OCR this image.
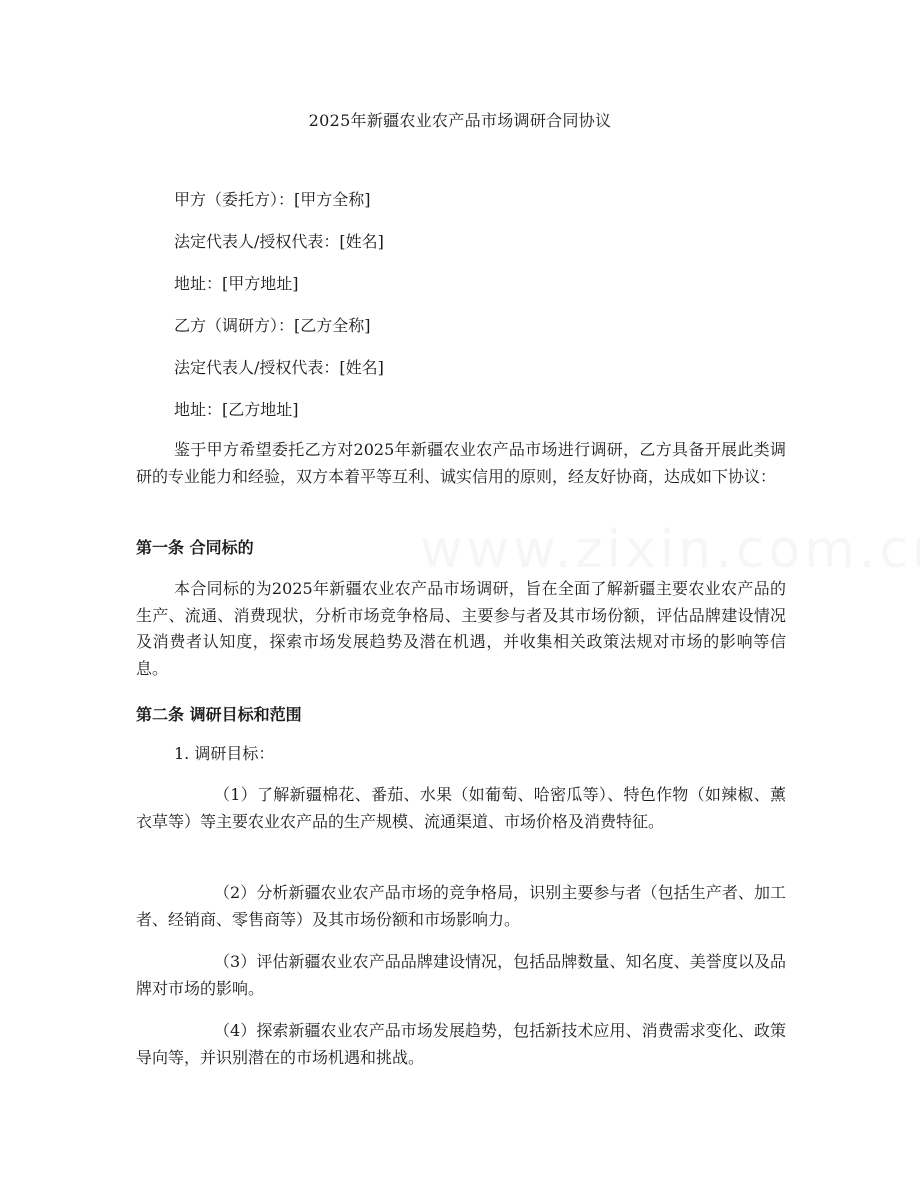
2025年新疆农业农产品市场调研合同协议
甲方（委托方）：[甲方全称]
法定代表人/授权代表：[姓名]
地址：[甲方地址]
乙方（调研方）：[乙方全称]
法定代表人/授权代表：[姓名]
地址：[乙方地址]
鉴于甲方希望委托乙方对2025年新疆农业农产品市场进行调研，乙方具备开展此类调研的专业能力和经验，双方本着平等互利、诚实信用的原则，经友好协商，达成如下协议：
第一条 合同标的
本合同标的为2025年新疆农业农产品市场调研，旨在全面了解新疆主要农业农产品的生产、流通、消费现状，分析市场竞争格局、主要参与者及其市场份额，评估品牌建设情况及消费者认知度，探索市场发展趋势及潜在机遇，并收集相关政策法规对市场的影响等信息。
第二条 调研目标和范围
1. 调研目标：
（1）了解新疆棉花、番茄、水果（如葡萄、哈密瓜等）、特色作物（如辣椒、薰衣草等）等主要农业农产品的生产规模、流通渠道、市场价格及消费特征。
（2）分析新疆农业农产品市场的竞争格局，识别主要参与者（包括生产者、加工者、经销商、零售商等）及其市场份额和市场影响力。
（3）评估新疆农业农产品品牌建设情况，包括品牌数量、知名度、美誉度以及品牌对市场的影响。
（4）探索新疆农业农产品市场发展趋势，包括新技术应用、消费需求变化、政策导向等，并识别潜在的市场机遇和挑战。
